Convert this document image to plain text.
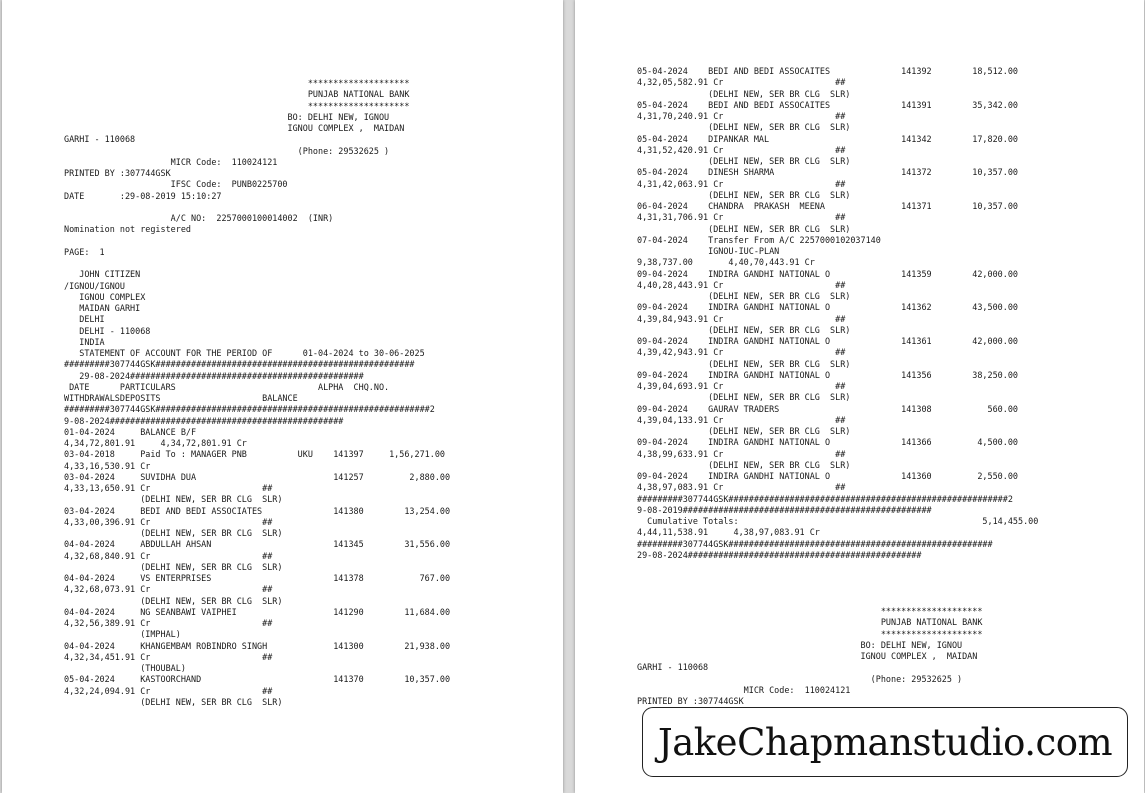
********************
PUNJAB NATIONAL BANK
********************
BO: DELHI NEW, IGNOU
IGNOU COMPLEX ,  MAIDAN
GARHI - 110068
(Phone: 29532625 )
MICR Code:  110024121
PRINTED BY :307744GSK
IFSC Code:  PUNB0225700
DATE       :29-08-2019 15:10:27

A/C NO:  2257000100014002  (INR)
Nomination not registered

PAGE:  1

JOHN CITIZEN
/IGNOU/IGNOU
IGNOU COMPLEX
MAIDAN GARHI
DELHI
DELHI - 110068
INDIA
STATEMENT OF ACCOUNT FOR THE PERIOD OF      01-04-2024 to 30-06-2025
#########307744GSK###################################################
29-08-2024##############################################
DATE      PARTICULARS                            ALPHA  CHQ.NO.
WITHDRAWALSDEPOSITS                    BALANCE
#########307744GSK######################################################2
9-08-2024##############################################
01-04-2024     BALANCE B/F
4,34,72,801.91     4,34,72,801.91 Cr
03-04-2018     Paid To : MANAGER PNB          UKU    141397     1,56,271.00
4,33,16,530.91 Cr
03-04-2024     SUVIDHA DUA                           141257         2,880.00
4,33,13,650.91 Cr                      ##
(DELHI NEW, SER BR CLG  SLR)
03-04-2024     BEDI AND BEDI ASSOCIATES              141380        13,254.00
4,33,00,396.91 Cr                      ##
(DELHI NEW, SER BR CLG  SLR)
04-04-2024     ABDULLAH AHSAN                        141345        31,556.00
4,32,68,840.91 Cr                      ##
(DELHI NEW, SER BR CLG  SLR)
04-04-2024     VS ENTERPRISES                        141378           767.00
4,32,68,073.91 Cr                      ##
(DELHI NEW, SER BR CLG  SLR)
04-04-2024     NG SEANBAWI VAIPHEI                   141290        11,684.00
4,32,56,389.91 Cr                      ##
(IMPHAL)
04-04-2024     KHANGEMBAM ROBINDRO SINGH             141300        21,938.00
4,32,34,451.91 Cr                      ##
(THOUBAL)
05-04-2024     KASTOORCHAND                          141370        10,357.00
4,32,24,094.91 Cr                      ##
(DELHI NEW, SER BR CLG  SLR)
05-04-2024    BEDI AND BEDI ASSOCAITES              141392        18,512.00
4,32,05,582.91 Cr                      ##
(DELHI NEW, SER BR CLG  SLR)
05-04-2024    BEDI AND BEDI ASSOCAITES              141391        35,342.00
4,31,70,240.91 Cr                      ##
(DELHI NEW, SER BR CLG  SLR)
05-04-2024    DIPANKAR MAL                          141342        17,820.00
4,31,52,420.91 Cr                      ##
(DELHI NEW, SER BR CLG  SLR)
05-04-2024    DINESH SHARMA                         141372        10,357.00
4,31,42,063.91 Cr                      ##
(DELHI NEW, SER BR CLG  SLR)
06-04-2024    CHANDRA  PRAKASH  MEENA               141371        10,357.00
4,31,31,706.91 Cr                      ##
(DELHI NEW, SER BR CLG  SLR)
07-04-2024    Transfer From A/C 2257000102037140
IGNOU-IUC-PLAN
9,38,737.00       4,40,70,443.91 Cr
09-04-2024    INDIRA GANDHI NATIONAL O              141359        42,000.00
4,40,28,443.91 Cr                      ##
(DELHI NEW, SER BR CLG  SLR)
09-04-2024    INDIRA GANDHI NATIONAL O              141362        43,500.00
4,39,84,943.91 Cr                      ##
(DELHI NEW, SER BR CLG  SLR)
09-04-2024    INDIRA GANDHI NATIONAL O              141361        42,000.00
4,39,42,943.91 Cr                      ##
(DELHI NEW, SER BR CLG  SLR)
09-04-2024    INDIRA GANDHI NATIONAL O              141356        38,250.00
4,39,04,693.91 Cr                      ##
(DELHI NEW, SER BR CLG  SLR)
09-04-2024    GAURAV TRADERS                        141308           560.00
4,39,04,133.91 Cr                      ##
(DELHI NEW, SER BR CLG  SLR)
09-04-2024    INDIRA GANDHI NATIONAL O              141366         4,500.00
4,38,99,633.91 Cr                      ##
(DELHI NEW, SER BR CLG  SLR)
09-04-2024    INDIRA GANDHI NATIONAL O              141360         2,550.00
4,38,97,083.91 Cr                      ##
#########307744GSK#######################################################2
9-08-2019#################################################
Cumulative Totals:                                                5,14,455.00
4,44,11,538.91     4,38,97,083.91 Cr
#########307744GSK####################################################
29-08-2024##############################################

********************
PUNJAB NATIONAL BANK
********************
BO: DELHI NEW, IGNOU
IGNOU COMPLEX ,  MAIDAN
GARHI - 110068
(Phone: 29532625 )
MICR Code:  110024121
PRINTED BY :307744GSK
JakeChapmanstudio.com
